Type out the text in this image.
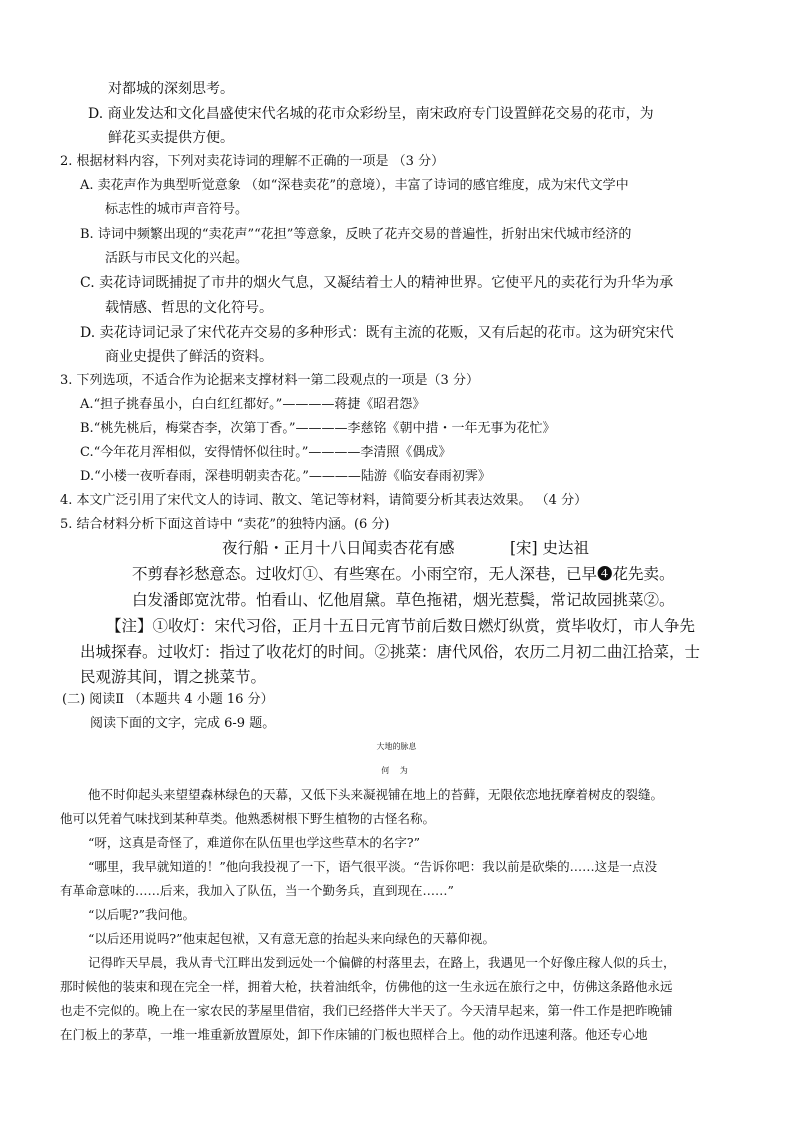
对都城的深刻思考。
D. 商业发达和文化昌盛使宋代名城的花市众彩纷呈，南宋政府专门设置鲜花交易的花市，为
鲜花买卖提供方便。
2. 根据材料内容，下列对卖花诗词的理解不正确的一项是 （3 分）
A. 卖花声作为典型听觉意象 （如“深巷卖花”的意境），丰富了诗词的感官维度，成为宋代文学中
标志性的城市声音符号。
B. 诗词中频繁出现的“卖花声”“花担”等意象，反映了花卉交易的普遍性，折射出宋代城市经济的
活跃与市民文化的兴起。
C. 卖花诗词既捕捉了市井的烟火气息，又凝结着士人的精神世界。它使平凡的卖花行为升华为承
载情感、哲思的文化符号。
D. 卖花诗词记录了宋代花卉交易的多种形式：既有主流的花贩，又有后起的花市。这为研究宋代
商业史提供了鲜活的资料。
3. 下列选项，不适合作为论据来支撑材料一第二段观点的一项是（3 分）
A.“担子挑春虽小，白白红红都好。”————蒋捷《昭君怨》
B.“桃先桃后，梅棠杏李，次第丁香。”————李慈铭《朝中措・一年无事为花忙》
C.“今年花月浑相似，安得情怀似往时。”————李清照《偶成》
D.“小楼一夜听春雨，深巷明朝卖杏花。”————陆游《临安春雨初霁》
4. 本文广泛引用了宋代文人的诗词、散文、笔记等材料，请简要分析其表达效果。 （4 分）
5. 结合材料分析下面这首诗中 “卖花”的独特内涵。(6 分)
夜行船・正月十八日闻卖杏花有感	[宋] 史达祖
不剪春衫愁意态。过收灯①、有些寒在。小雨空帘，无人深巷，已早❹花先卖。
白发潘郎宽沈带。怕看山、忆他眉黛。草色拖裙，烟光惹鬓，常记故园挑菜②。
【注】①收灯：宋代习俗，正月十五日元宵节前后数日燃灯纵赏，赏毕收灯，市人争先
出城探春。过收灯：指过了收花灯的时间。②挑菜：唐代风俗，农历二月初二曲江拾菜，士
民观游其间，谓之挑菜节。
(二) 阅读Ⅱ （本题共 4 小题 16 分）
阅读下面的文字，完成 6-9 题。
大地的脉息
何 为
他不时仰起头来望望森林绿色的天幕，又低下头来凝视铺在地上的苔藓，无限依恋地抚摩着树皮的裂缝。
他可以凭着气味找到某种草类。他熟悉树根下野生植物的古怪名称。
“呀，这真是奇怪了，难道你在队伍里也学这些草木的名字?”
“哪里，我早就知道的！”他向我投视了一下，语气很平淡。“告诉你吧：我以前是砍柴的……这是一点没
有革命意味的……后来，我加入了队伍，当一个勤务兵，直到现在……”
“以后呢?”我问他。
“以后还用说吗?”他束起包袱，又有意无意的抬起头来向绿色的天幕仰视。
记得昨天早晨，我从青弋江畔出发到远处一个偏僻的村落里去，在路上，我遇见一个好像庄稼人似的兵士，
那时候他的装束和现在完全一样，拥着大枪，扶着油纸伞，仿佛他的这一生永远在旅行之中，仿佛这条路他永远
也走不完似的。晚上在一家农民的茅屋里借宿，我们已经搭伴大半天了。今天清早起来，第一件工作是把昨晚铺
在门板上的茅草，一堆一堆重新放置原处，卸下作床铺的门板也照样合上。他的动作迅速利落。他还专心地
